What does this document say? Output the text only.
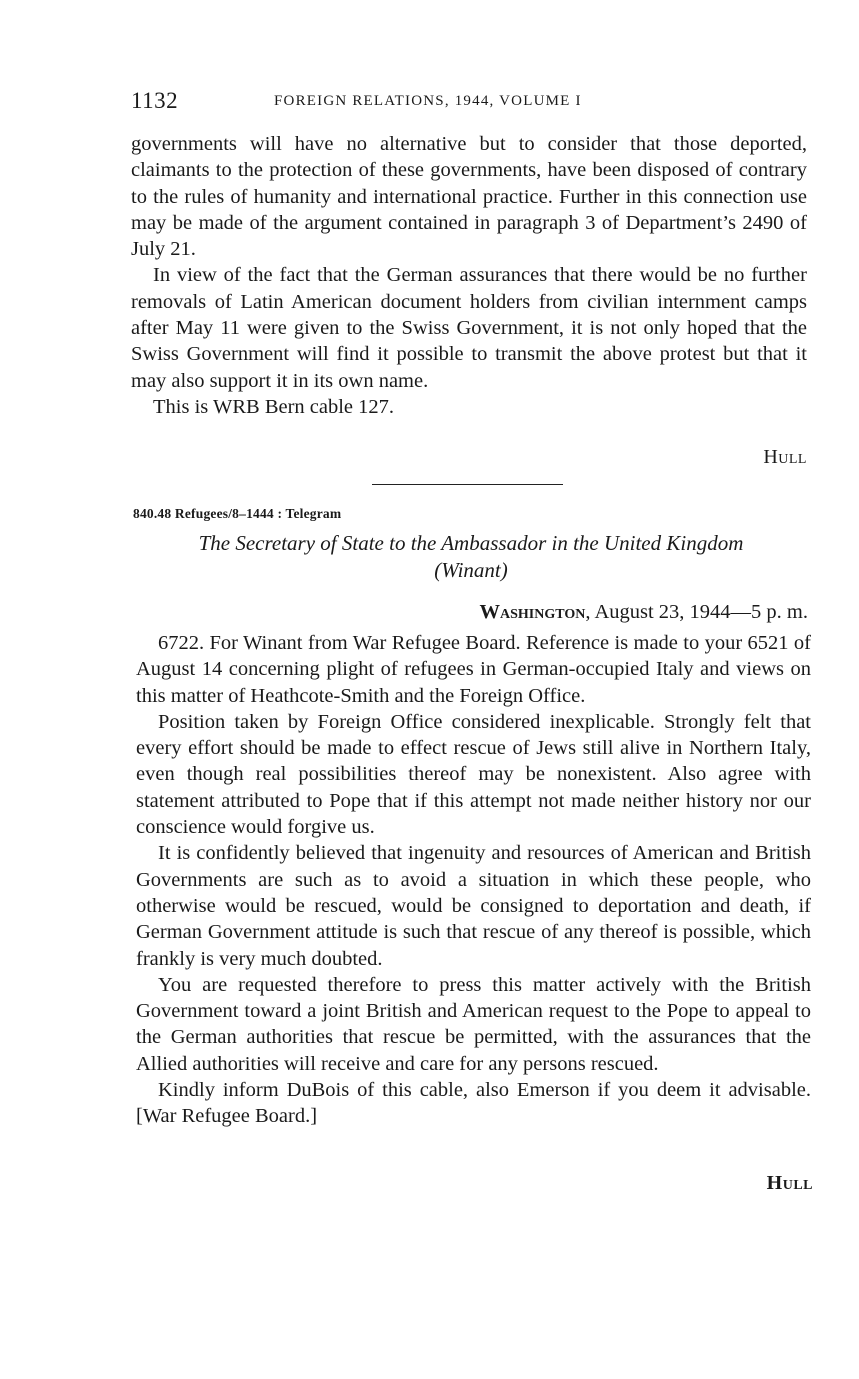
1132	FOREIGN RELATIONS, 1944, VOLUME I

governments will have no alternative but to consider that those deported, claimants to the protection of these governments, have been disposed of contrary to the rules of humanity and international practice. Further in this connection use may be made of the argument contained in paragraph 3 of Department’s 2490 of July 21.

In view of the fact that the German assurances that there would be no further removals of Latin American document holders from civilian internment camps after May 11 were given to the Swiss Government, it is not only hoped that the Swiss Government will find it possible to transmit the above protest but that it may also support it in its own name.

This is WRB Bern cable 127.

Hull
840.48 Refugees/8–1444 : Telegram
The Secretary of State to the Ambassador in the United Kingdom
(Winant)
Washington, August 23, 1944—5 p. m.

6722. For Winant from War Refugee Board. Reference is made to your 6521 of August 14 concerning plight of refugees in German-occupied Italy and views on this matter of Heathcote-Smith and the Foreign Office.

Position taken by Foreign Office considered inexplicable. Strongly felt that every effort should be made to effect rescue of Jews still alive in Northern Italy, even though real possibilities thereof may be nonexistent. Also agree with statement attributed to Pope that if this attempt not made neither history nor our conscience would forgive us.

It is confidently believed that ingenuity and resources of American and British Governments are such as to avoid a situation in which these people, who otherwise would be rescued, would be consigned to deportation and death, if German Government attitude is such that rescue of any thereof is possible, which frankly is very much doubted.

You are requested therefore to press this matter actively with the British Government toward a joint British and American request to the Pope to appeal to the German authorities that rescue be permitted, with the assurances that the Allied authorities will receive and care for any persons rescued.

Kindly inform DuBois of this cable, also Emerson if you deem it advisable. [War Refugee Board.]

Hull
